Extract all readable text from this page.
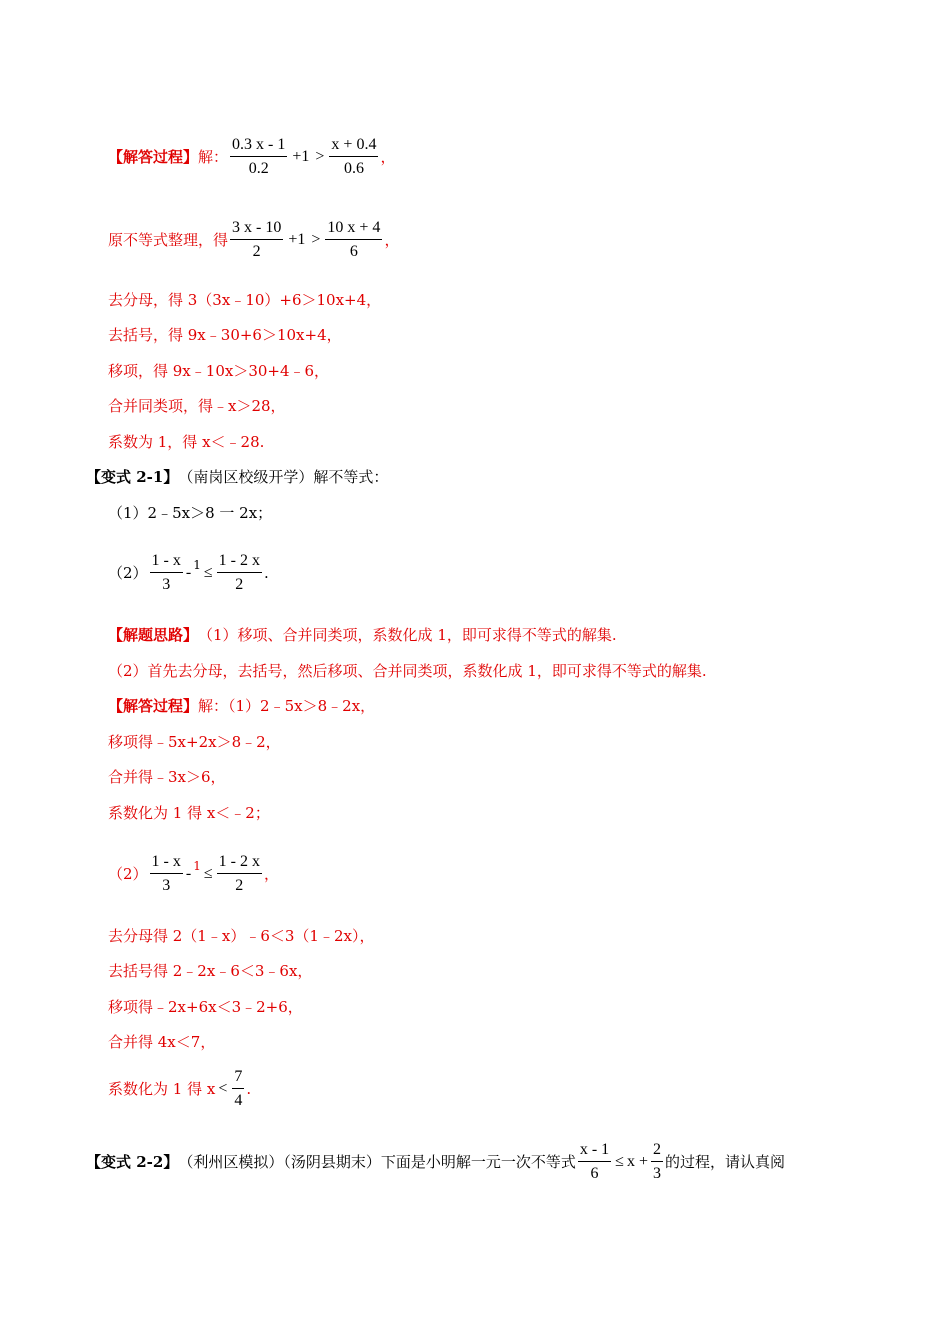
【解答过程】 解： $\frac{0.3 x - 1}{0.2} +1 > \frac{x + 0.4}{0.6}$ ，
原不等式整理，得 $\frac{3 x - 10}{2} +1 > \frac{10 x + 4}{6}$ ，
去分母，得 3（3x﹣10）+6＞10x+4，
去括号，得 9x﹣30+6＞10x+4，
移项，得 9x﹣10x＞30+4﹣6，
合并同类项，得﹣x＞28，
系数为 1，得 x＜﹣28.
【变式 2-1】 （南岗区校级开学）解不等式：
（1）2﹣5x＞8 一 2x；
$(2) \frac{1 - x}{3} - 1 \le \frac{1 - 2 x}{2}$ .
【解题思路】 （1）移项、合并同类项，系数化成 1，即可求得不等式的解集.
（2）首先去分母，去括号，然后移项、合并同类项，系数化成 1，即可求得不等式的解集.
【解答过程】 解：（1）2﹣5x＞8﹣2x，
移项得﹣5x+2x＞8﹣2，
合并得﹣3x＞6，
系数化为 1 得 x＜﹣2；
$(2) \frac{1 - x}{3} - 1 \le \frac{1 - 2 x}{2}$ ，
去分母得 2（1﹣x）﹣6＜3（1﹣2x），
去括号得 2﹣2x﹣6＜3﹣6x，
移项得﹣2x+6x＜3﹣2+6，
合并得 4x＜7，
系数化为 1 得 $x < \frac{7}{4}$ .
【变式 2-2】 （利州区模拟）（汤阴县期末）下面是小明解一元一次不等式 $\frac{x - 1}{6} \le x + \frac{2}{3}$ 的过程，请认真阅
